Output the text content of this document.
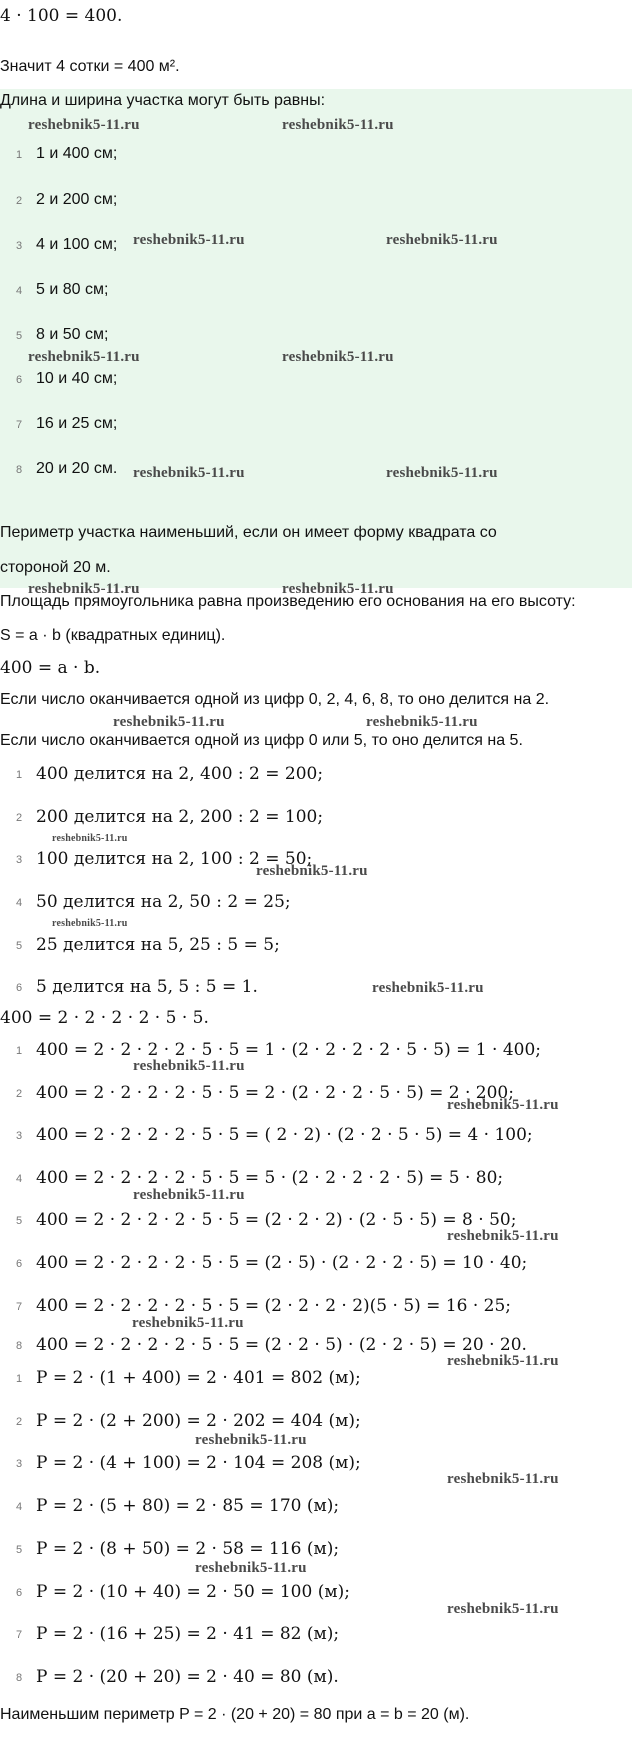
4 · 100 = 400.
Значит 4 сотки = 400 м².
Длина и ширина участка могут быть равны:
1 1 и 400 см;
2 2 и 200 см;
3 4 и 100 см;
4 5 и 80 см;
5 8 и 50 см;
6 10 и 40 см;
7 16 и 25 см;
8 20 и 20 см.
Периметр участка наименьший, если он имеет форму квадрата со
стороной 20 м.
Площадь прямоугольника равна произведению его основания на его высоту:
S = a · b (квадратных единиц).
400 = a · b.
Если число оканчивается одной из цифр 0, 2, 4, 6, 8, то оно делится на 2.
Если число оканчивается одной из цифр 0 или 5, то оно делится на 5.
1 400 делится на 2, 400 : 2 = 200;
2 200 делится на 2, 200 : 2 = 100;
3 100 делится на 2, 100 : 2 = 50;
4 50 делится на 2, 50 : 2 = 25;
5 25 делится на 5, 25 : 5 = 5;
6 5 делится на 5, 5 : 5 = 1.
400 = 2 · 2 · 2 · 2 · 5 · 5.
1 400 = 2 · 2 · 2 · 2 · 5 · 5 = 1 · (2 · 2 · 2 · 2 · 5 · 5) = 1 · 400;
2 400 = 2 · 2 · 2 · 2 · 5 · 5 = 2 · (2 · 2 · 2 · 5 · 5) = 2 · 200;
3 400 = 2 · 2 · 2 · 2 · 5 · 5 = ( 2 · 2) · (2 · 2 · 5 · 5) = 4 · 100;
4 400 = 2 · 2 · 2 · 2 · 5 · 5 = 5 · (2 · 2 · 2 · 2 · 5) = 5 · 80;
5 400 = 2 · 2 · 2 · 2 · 5 · 5 = (2 · 2 · 2) · (2 · 5 · 5) = 8 · 50;
6 400 = 2 · 2 · 2 · 2 · 5 · 5 = (2 · 5) · (2 · 2 · 2 · 5) = 10 · 40;
7 400 = 2 · 2 · 2 · 2 · 5 · 5 = (2 · 2 · 2 · 2)(5 · 5) = 16 · 25;
8 400 = 2 · 2 · 2 · 2 · 5 · 5 = (2 · 2 · 5) · (2 · 2 · 5) = 20 · 20.
1 P = 2 · (1 + 400) = 2 · 401 = 802 (м);
2 P = 2 · (2 + 200) = 2 · 202 = 404 (м);
3 P = 2 · (4 + 100) = 2 · 104 = 208 (м);
4 P = 2 · (5 + 80) = 2 · 85 = 170 (м);
5 P = 2 · (8 + 50) = 2 · 58 = 116 (м);
6 P = 2 · (10 + 40) = 2 · 50 = 100 (м);
7 P = 2 · (16 + 25) = 2 · 41 = 82 (м);
8 P = 2 · (20 + 20) = 2 · 40 = 80 (м).
Наименьшим периметр P = 2 · (20 + 20) = 80 при a = b = 20 (м).
reshebnik5-11.ru	reshebnik5-11.ru
reshebnik5-11.ru	reshebnik5-11.ru
reshebnik5-11.ru	reshebnik5-11.ru
reshebnik5-11.ru	reshebnik5-11.ru
reshebnik5-11.ru	reshebnik5-11.ru
reshebnik5-11.ru	reshebnik5-11.ru
reshebnik5-11.ru
reshebnik5-11.ru
reshebnik5-11.ru
reshebnik5-11.ru
reshebnik5-11.ru
reshebnik5-11.ru
reshebnik5-11.ru
reshebnik5-11.ru
reshebnik5-11.ru
reshebnik5-11.ru
reshebnik5-11.ru
reshebnik5-11.ru
reshebnik5-11.ru
reshebnik5-11.ru
